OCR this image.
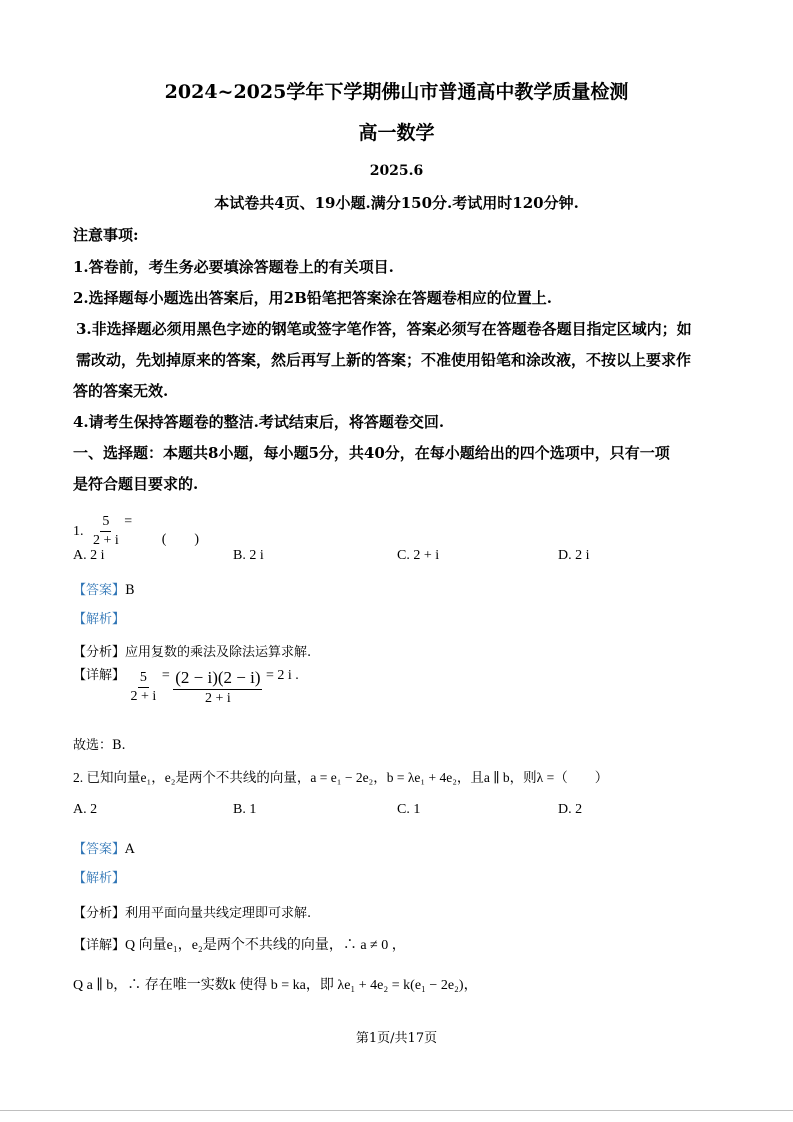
2024~2025学年下学期佛山市普通高中教学质量检测
高一数学
2025.6
本试卷共4页、19小题.满分150分.考试用时120分钟.
注意事项:
1.答卷前，考生务必要填涂答题卷上的有关项目.
2.选择题每小题选出答案后，用2B铅笔把答案涂在答题卷相应的位置上.
3.非选择题必须用黑色字迹的钢笔或签字笔作答，答案必须写在答题卷各题目指定区域内；如
需改动，先划掉原来的答案，然后再写上新的答案；不准使用铅笔和涂改液，不按以上要求作
答的答案无效.
4.请考生保持答题卷的整洁.考试结束后，将答题卷交回.
一、选择题：本题共8小题，每小题5分，共40分，在每小题给出的四个选项中，只有一项
是符合题目要求的.
1. $\frac{5}{2 + i}$ = (　　)
A. 2 i	B. 2 i	C. 2 + i	D. 2 i
【答案】B
【解析】
【分析】应用复数的乘法及除法运算求解.
【详解】 $\frac{5}{2 + i} = \frac{(2 - i)(2 - i)}{2 + i} = 2$ i .
故选：B.
2. 已知向量e₁，e₂是两个不共线的向量，a = e₁ − 2e₂，b = λe₁ + 4e₂，且a ∥ b，则λ =（　　）
A. 2	B. 1	C. 1	D. 2
【答案】A
【解析】
【分析】利用平面向量共线定理即可求解.
【详解】Q 向量e₁，e₂是两个不共线的向量，∴ a ≠ 0 ，
Q a ∥ b，∴ 存在唯一实数k 使得 b = ka，即 λe₁ + 4e₂ = k(e₁ − 2e₂)，
第1页/共17页
